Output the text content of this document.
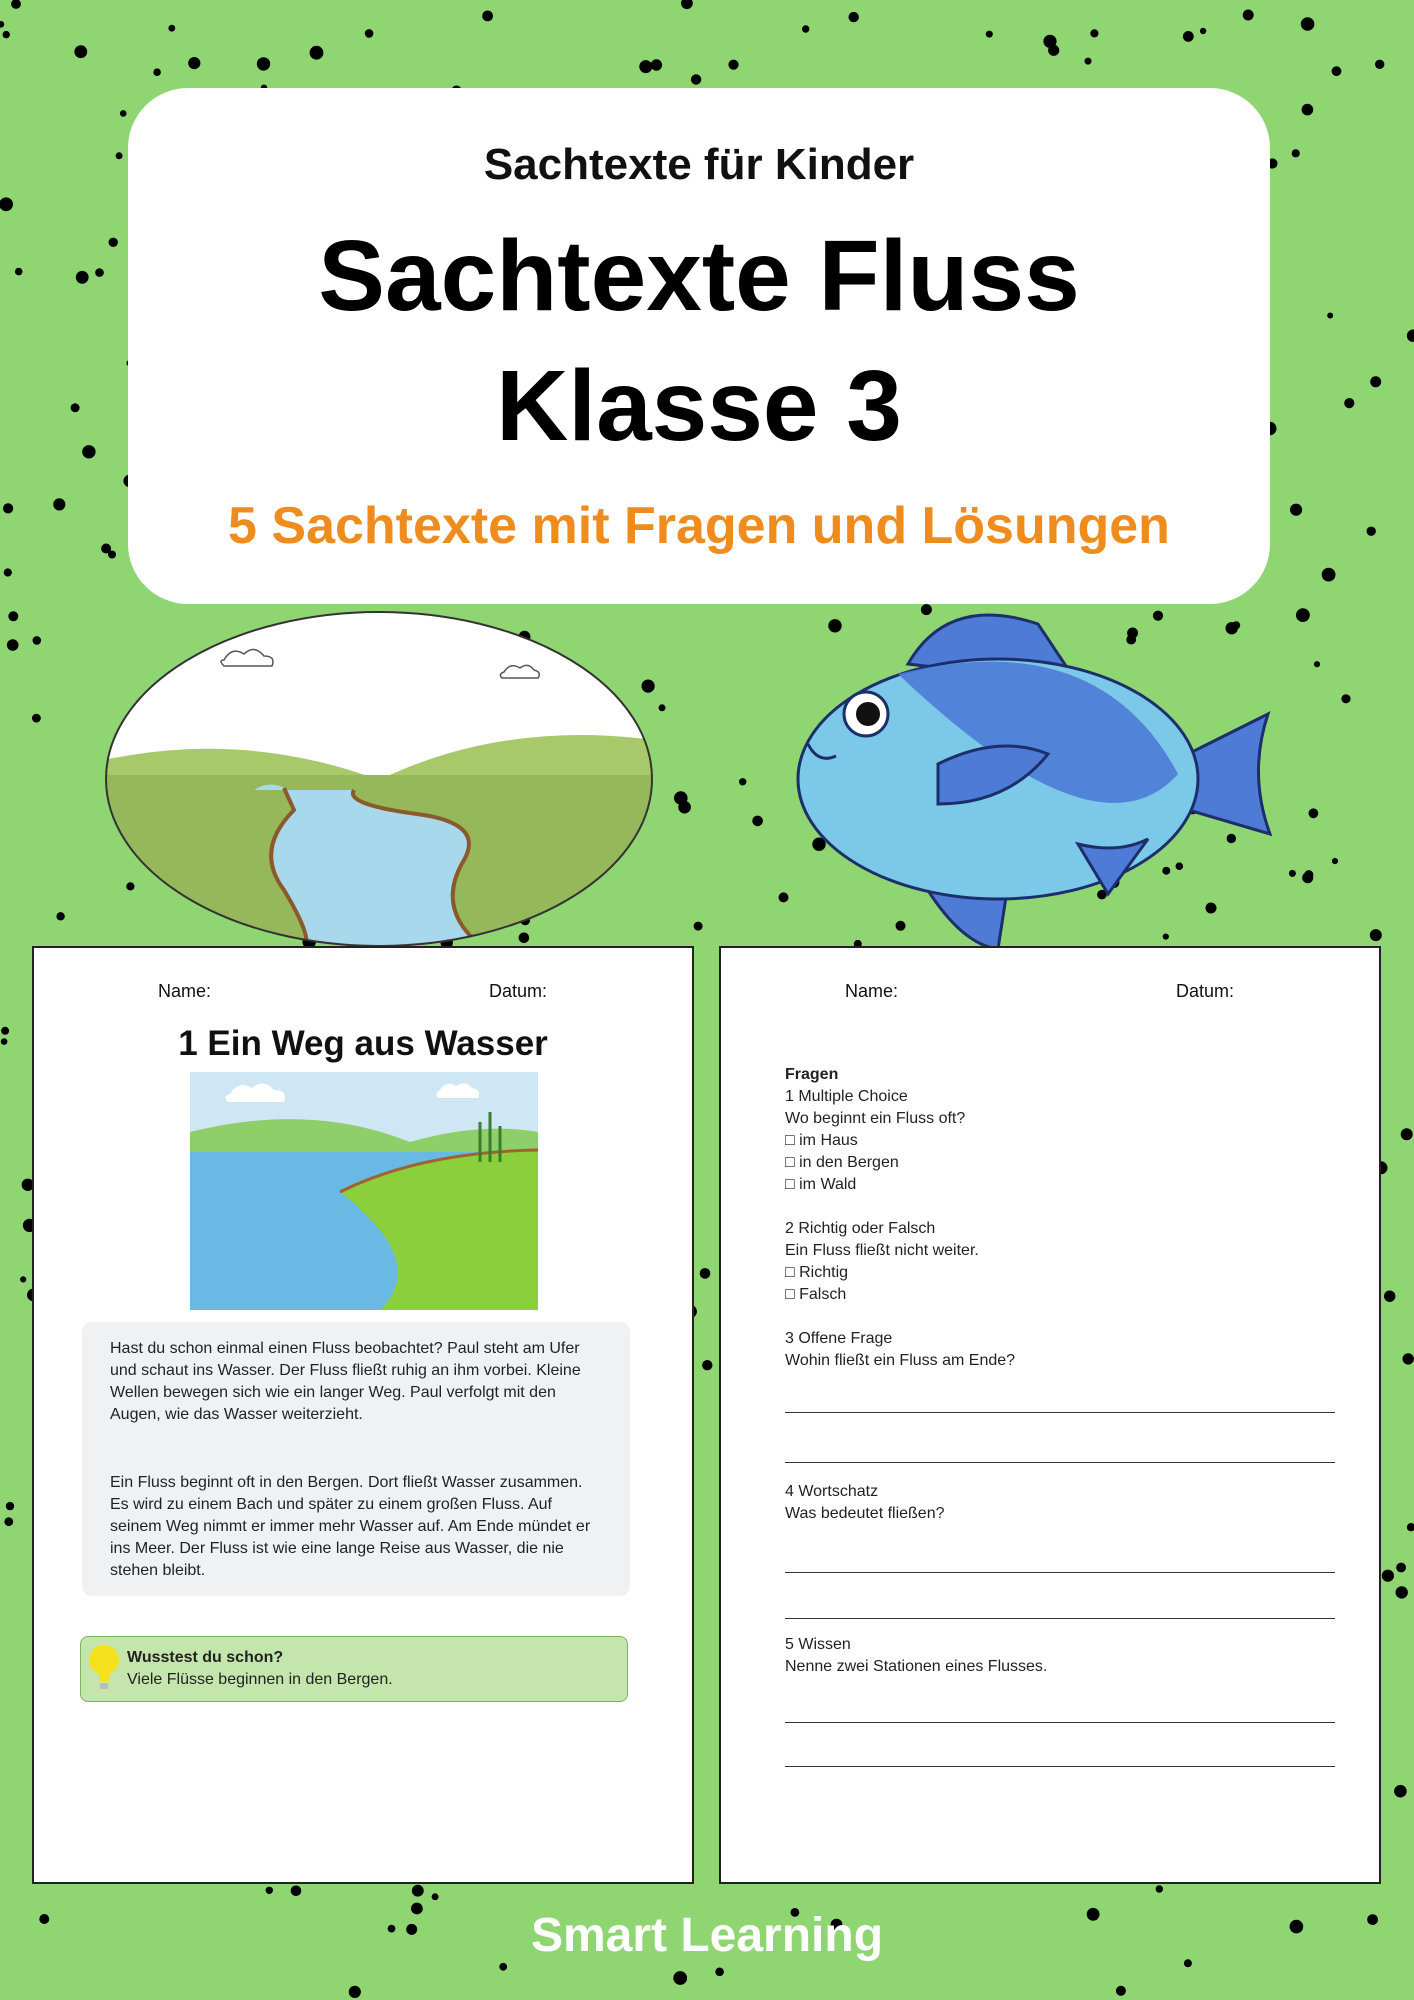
Sachtexte für Kinder
Sachtexte Fluss
Klasse 3
5 Sachtexte mit Fragen und Lösungen
Name:	Datum:
1 Ein Weg aus Wasser

Hast du schon einmal einen Fluss beobachtet? Paul steht am Ufer und schaut ins Wasser. Der Fluss fließt ruhig an ihm vorbei. Kleine Wellen bewegen sich wie ein langer Weg. Paul verfolgt mit den Augen, wie das Wasser weiterzieht.

Ein Fluss beginnt oft in den Bergen. Dort fließt Wasser zusammen. Es wird zu einem Bach und später zu einem großen Fluss. Auf seinem Weg nimmt er immer mehr Wasser auf. Am Ende mündet er ins Meer. Der Fluss ist wie eine lange Reise aus Wasser, die nie stehen bleibt.

Wusstest du schon?
Viele Flüsse beginnen in den Bergen.
Name:	Datum:
Fragen
1 Multiple Choice
Wo beginnt ein Fluss oft?
□ im Haus
□ in den Bergen
□ im Wald
2 Richtig oder Falsch
Ein Fluss fließt nicht weiter.
□ Richtig
□ Falsch
3 Offene Frage
Wohin fließt ein Fluss am Ende?
4 Wortschatz
Was bedeutet fließen?
5 Wissen
Nenne zwei Stationen eines Flusses.
Smart Learning
